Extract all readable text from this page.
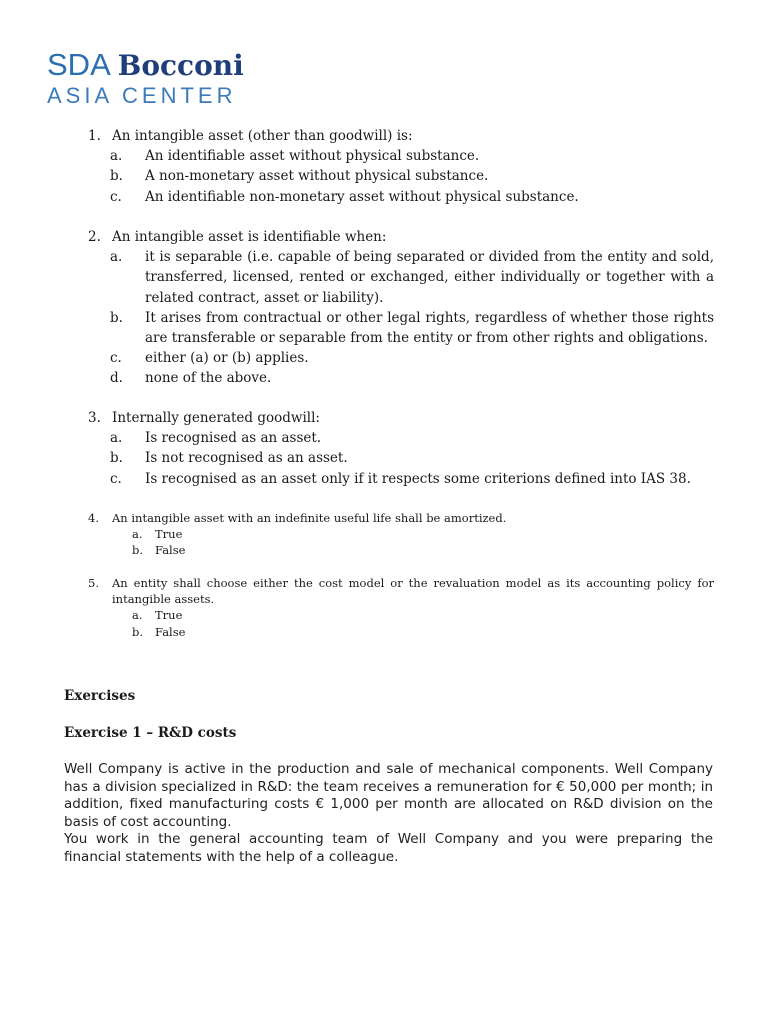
SDA Bocconi
ASIA CENTER
1. An intangible asset (other than goodwill) is:
a.	An identifiable asset without physical substance.
b.	A non-monetary asset without physical substance.
c.	An identifiable non-monetary asset without physical substance.
2. An intangible asset is identifiable when:
a.	it is separable (i.e. capable of being separated or divided from the entity and sold, transferred, licensed, rented or exchanged, either individually or together with a related contract, asset or liability).
b.	It arises from contractual or other legal rights, regardless of whether those rights are transferable or separable from the entity or from other rights and obligations.
c.	either (a) or (b) applies.
d.	none of the above.
3. Internally generated goodwill:
a.	Is recognised as an asset.
b.	Is not recognised as an asset.
c.	Is recognised as an asset only if it respects some criterions defined into IAS 38.
4.	An intangible asset with an indefinite useful life shall be amortized.
a.	True
b.	False
5.	An entity shall choose either the cost model or the revaluation model as its accounting policy for intangible assets.
a.	True
b.	False
Exercises
Exercise 1 – R&D costs
Well Company is active in the production and sale of mechanical components. Well Company has a division specialized in R&D: the team receives a remuneration for € 50,000 per month; in addition, fixed manufacturing costs € 1,000 per month are allocated on R&D division on the basis of cost accounting.
You work in the general accounting team of Well Company and you were preparing the financial statements with the help of a colleague.
